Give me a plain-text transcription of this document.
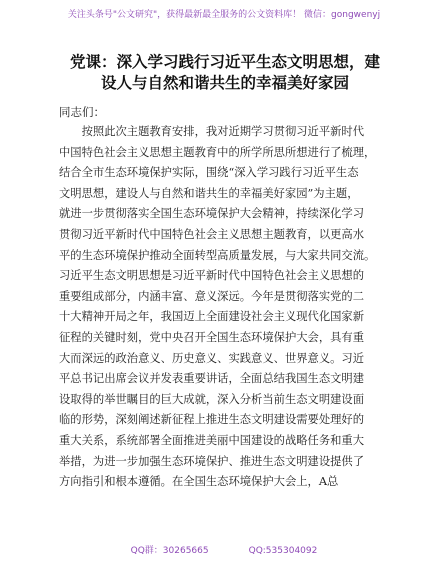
关注头条号"公文研究"，获得最新最全服务的公文资料库！ 微信：gongwenyj
党课：深入学习践行习近平生态文明思想，建
设人与自然和谐共生的幸福美好家园
同志们：
　　按照此次主题教育安排，我对近期学习贯彻习近平新时代
中国特色社会主义思想主题教育中的所学所思所想进行了梳理，
结合全市生态环境保护实际，围绕“深入学习践行习近平生态
文明思想，建设人与自然和谐共生的幸福美好家园”为主题，
就进一步贯彻落实全国生态环境保护大会精神，持续深化学习
贯彻习近平新时代中国特色社会主义思想主题教育，以更高水
平的生态环境保护推动全面转型高质量发展，与大家共同交流。
习近平生态文明思想是习近平新时代中国特色社会主义思想的
重要组成部分，内涵丰富、意义深远。今年是贯彻落实党的二
十大精神开局之年，我国迈上全面建设社会主义现代化国家新
征程的关键时刻，党中央召开全国生态环境保护大会，具有重
大而深远的政治意义、历史意义、实践意义、世界意义。习近
平总书记出席会议并发表重要讲话，全面总结我国生态文明建
设取得的举世瞩目的巨大成就，深入分析当前生态文明建设面
临的形势，深刻阐述新征程上推进生态文明建设需要处理好的
重大关系，系统部署全面推进美丽中国建设的战略任务和重大
举措，为进一步加强生态环境保护、推进生态文明建设提供了
方向指引和根本遵循。在全国生态环境保护大会上，A总
QQ群：30265665	QQ:535304092
